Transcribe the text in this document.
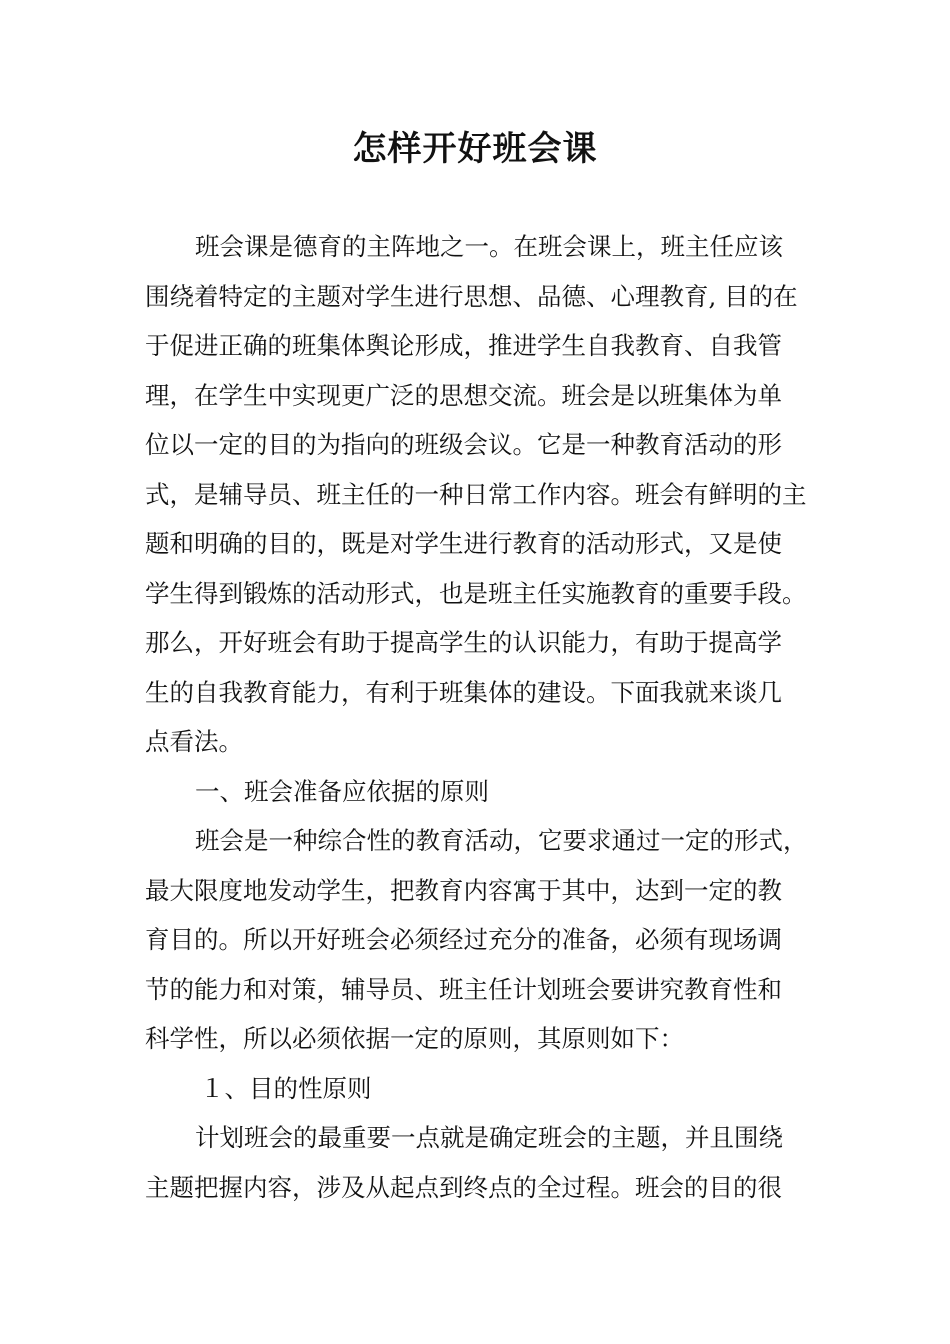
怎样开好班会课
班会课是德育的主阵地之一。在班会课上，班主任应该
围绕着特定的主题对学生进行思想、品德、心理教育, 目的在
于促进正确的班集体舆论形成，推进学生自我教育、自我管
理，在学生中实现更广泛的思想交流。班会是以班集体为单
位以一定的目的为指向的班级会议。它是一种教育活动的形
式，是辅导员、班主任的一种日常工作内容。班会有鲜明的主
题和明确的目的，既是对学生进行教育的活动形式，又是使
学生得到锻炼的活动形式，也是班主任实施教育的重要手段。
那么，开好班会有助于提高学生的认识能力，有助于提高学
生的自我教育能力，有利于班集体的建设。下面我就来谈几
点看法。
一、班会准备应依据的原则
班会是一种综合性的教育活动，它要求通过一定的形式，
最大限度地发动学生，把教育内容寓于其中，达到一定的教
育目的。所以开好班会必须经过充分的准备，必须有现场调
节的能力和对策，辅导员、班主任计划班会要讲究教育性和
科学性，所以必须依据一定的原则，其原则如下：
１、目的性原则
计划班会的最重要一点就是确定班会的主题，并且围绕
主题把握内容，涉及从起点到终点的全过程。班会的目的很
